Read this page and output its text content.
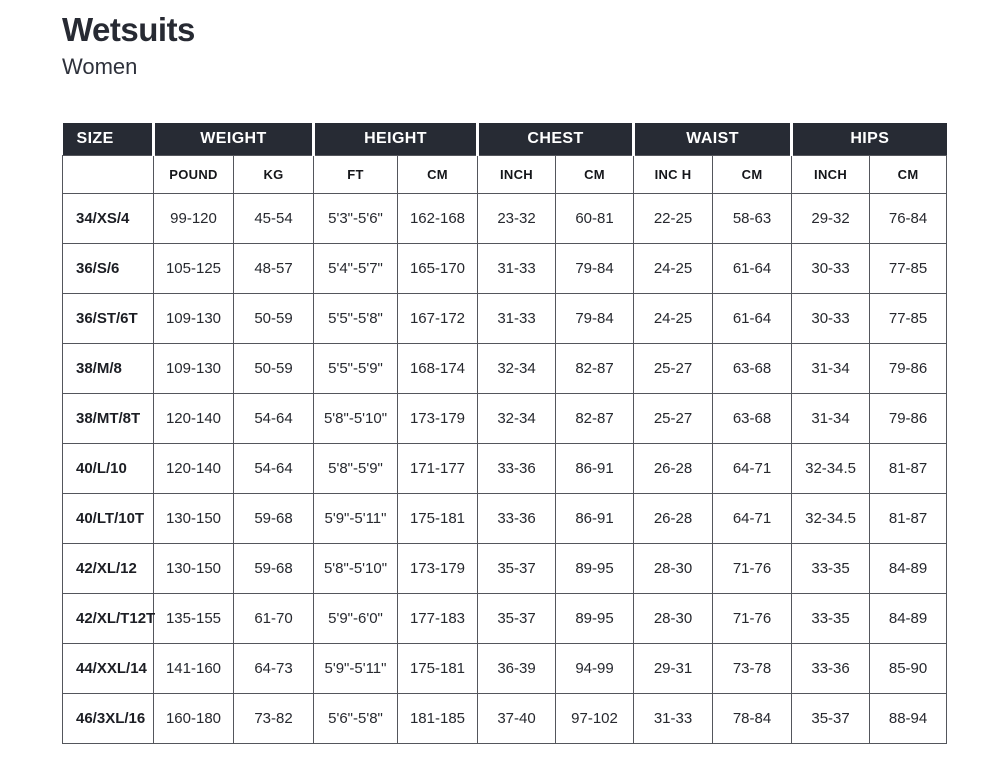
Wetsuits
Women
SIZE	WEIGHT		HEIGHT		CHEST		WAIST		HIPS	
	POUND	KG	FT	CM	INCH	CM	INC H	CM	INCH	CM
34/XS/4	99-120	45-54	5'3"-5'6"	162-168	23-32	60-81	22-25	58-63	29-32	76-84
36/S/6	105-125	48-57	5'4"-5'7"	165-170	31-33	79-84	24-25	61-64	30-33	77-85
36/ST/6T	109-130	50-59	5'5"-5'8"	167-172	31-33	79-84	24-25	61-64	30-33	77-85
38/M/8	109-130	50-59	5'5"-5'9"	168-174	32-34	82-87	25-27	63-68	31-34	79-86
38/MT/8T	120-140	54-64	5'8"-5'10"	173-179	32-34	82-87	25-27	63-68	31-34	79-86
40/L/10	120-140	54-64	5'8"-5'9"	171-177	33-36	86-91	26-28	64-71	32-34.5	81-87
40/LT/10T	130-150	59-68	5'9"-5'11"	175-181	33-36	86-91	26-28	64-71	32-34.5	81-87
42/XL/12	130-150	59-68	5'8"-5'10"	173-179	35-37	89-95	28-30	71-76	33-35	84-89
42/XL/T12T	135-155	61-70	5'9"-6'0"	177-183	35-37	89-95	28-30	71-76	33-35	84-89
44/XXL/14	141-160	64-73	5'9"-5'11"	175-181	36-39	94-99	29-31	73-78	33-36	85-90
46/3XL/16	160-180	73-82	5'6"-5'8"	181-185	37-40	97-102	31-33	78-84	35-37	88-94
